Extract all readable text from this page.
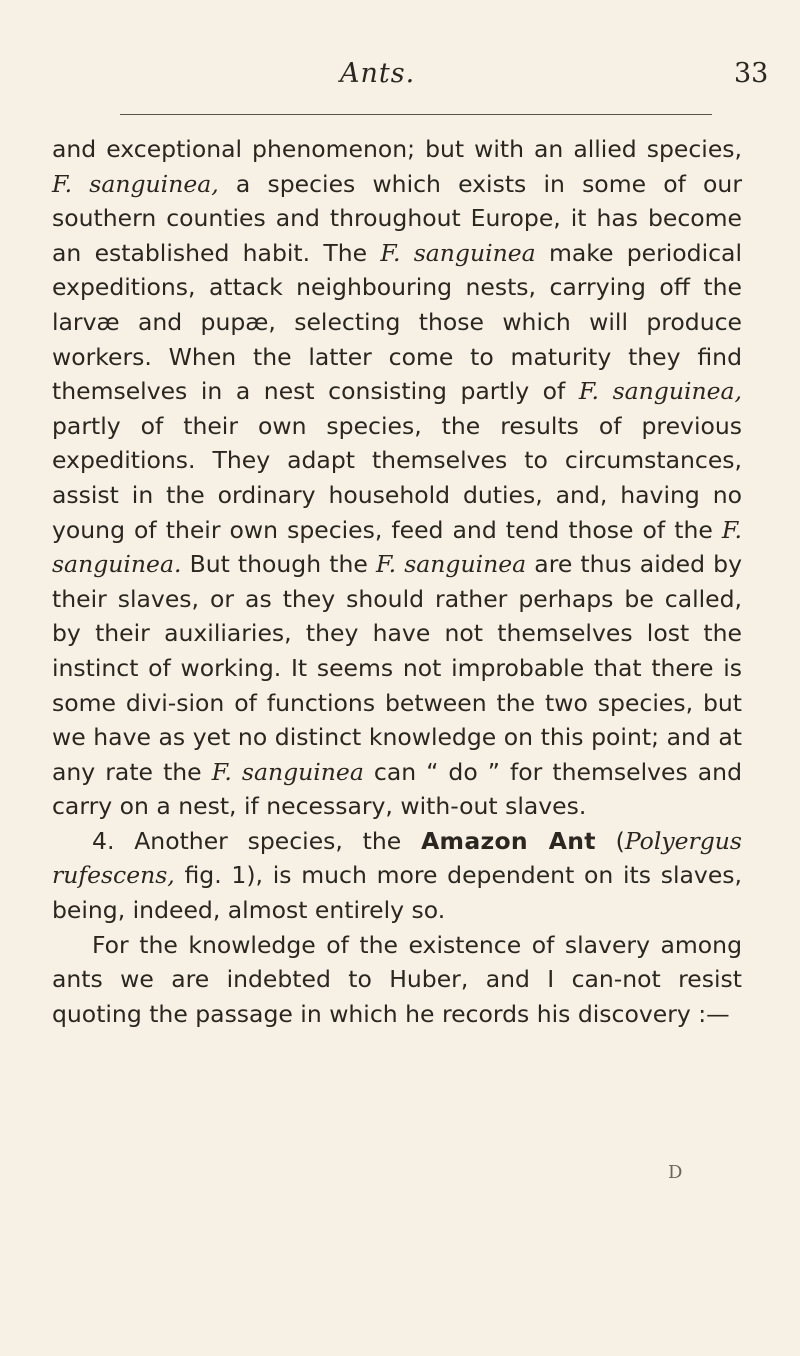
Ants.	33

and exceptional phenomenon; but with an allied species, F. sanguinea, a species which exists in some of our southern counties and throughout Europe, it has become an established habit. The F. sanguinea make periodical expeditions, attack neighbouring nests, carrying off the larvæ and pupæ, selecting those which will produce workers. When the latter come to maturity they find themselves in a nest consisting partly of F. sanguinea, partly of their own species, the results of previous expeditions. They adapt themselves to circumstances, assist in the ordinary household duties, and, having no young of their own species, feed and tend those of the F. sanguinea. But though the F. sanguinea are thus aided by their slaves, or as they should rather perhaps be called, by their auxiliaries, they have not themselves lost the instinct of working. It seems not improbable that there is some divi-sion of functions between the two species, but we have as yet no distinct knowledge on this point; and at any rate the F. sanguinea can “ do ” for themselves and carry on a nest, if necessary, with-out slaves.

4. Another species, the Amazon Ant (Polyergus rufescens, fig. 1), is much more dependent on its slaves, being, indeed, almost entirely so.

For the knowledge of the existence of slavery among ants we are indebted to Huber, and I can-not resist quoting the passage in which he records his discovery :—

D
